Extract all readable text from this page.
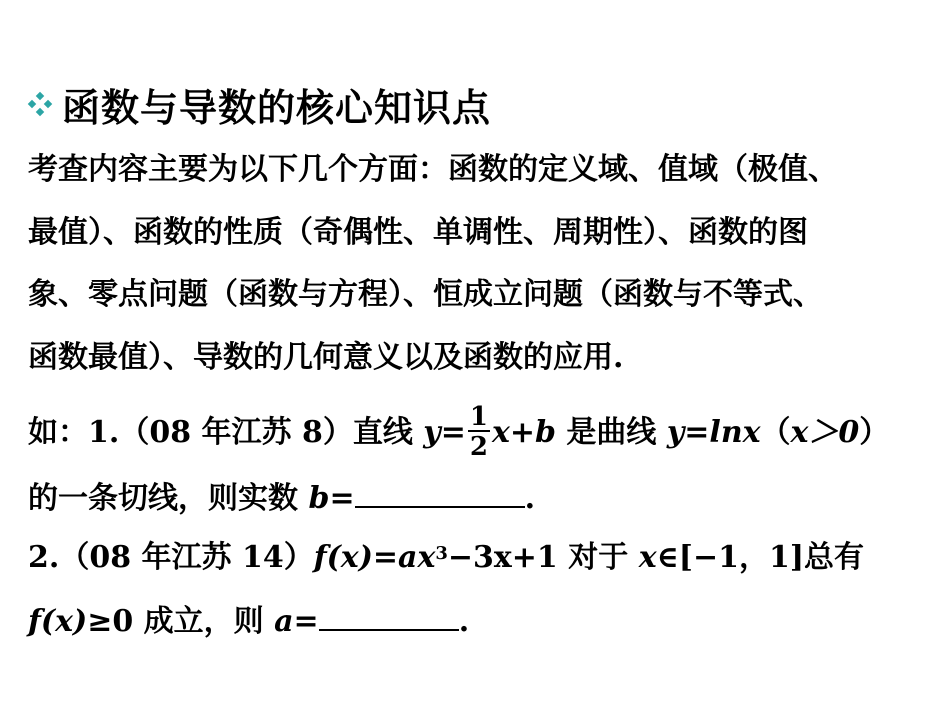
函数与导数的核心知识点
考查内容主要为以下几个方面：函数的定义域、值域（极值、
最值）、函数的性质（奇偶性、单调性、周期性）、函数的图
象、零点问题（函数与方程）、恒成立问题（函数与不等式、
函数最值）、导数的几何意义以及函数的应用.
如：1.（08 年江苏 8）直线 $y= \frac{1}{2} x+b$ 是曲线 y=lnx（x＞0）
的一条切线，则实数 b=	.
2.（08 年江苏 $14)f(x)=ax^3-3x+1$ 对于 x∈[−1，1]总有
f(x)≥0 成立，则 a=	.
